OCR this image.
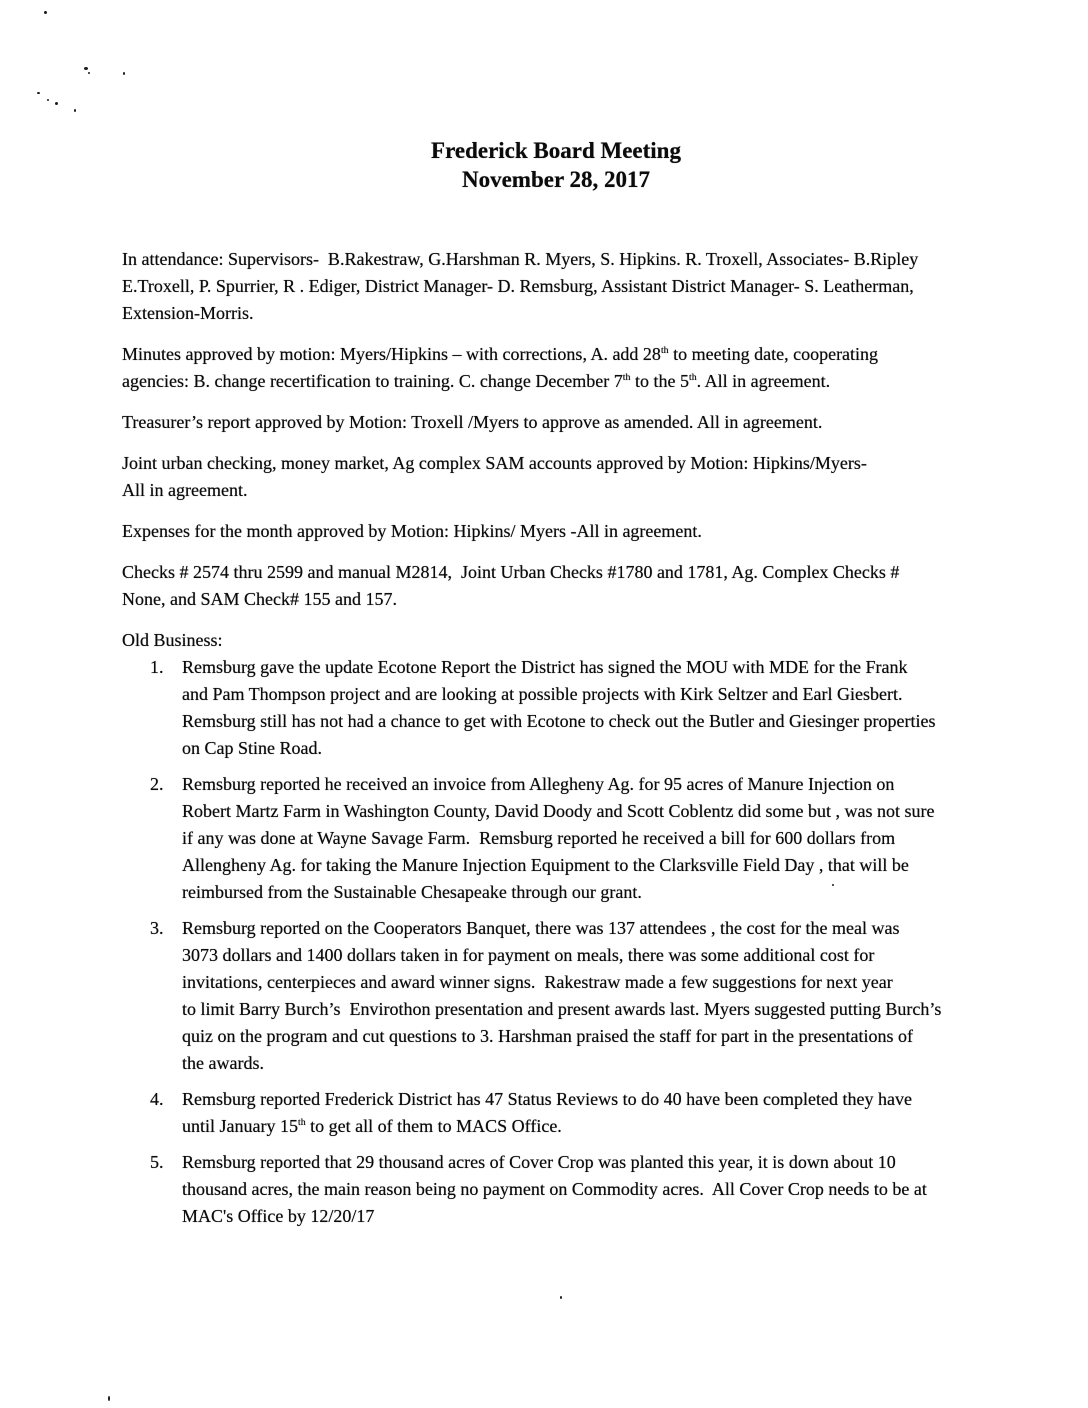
Frederick Board Meeting
November 28, 2017
In attendance: Supervisors-  B.Rakestraw, G.Harshman R. Myers, S. Hipkins. R. Troxell, Associates- B.Ripley
E.Troxell, P. Spurrier, R . Ediger, District Manager- D. Remsburg, Assistant District Manager- S. Leatherman,
Extension-Morris.
Minutes approved by motion: Myers/Hipkins – with corrections, A. add 28th to meeting date, cooperating
agencies: B. change recertification to training. C. change December 7th to the 5th. All in agreement.
Treasurer’s report approved by Motion: Troxell /Myers to approve as amended. All in agreement.
Joint urban checking, money market, Ag complex SAM accounts approved by Motion: Hipkins/Myers-
All in agreement.
Expenses for the month approved by Motion: Hipkins/ Myers -All in agreement.
Checks # 2574 thru 2599 and manual M2814,  Joint Urban Checks #1780 and 1781, Ag. Complex Checks #
None, and SAM Check# 155 and 157.
Old Business:
1. Remsburg gave the update Ecotone Report the District has signed the MOU with MDE for the Frank
and Pam Thompson project and are looking at possible projects with Kirk Seltzer and Earl Giesbert.
Remsburg still has not had a chance to get with Ecotone to check out the Butler and Giesinger properties
on Cap Stine Road.
2. Remsburg reported he received an invoice from Allegheny Ag. for 95 acres of Manure Injection on
Robert Martz Farm in Washington County, David Doody and Scott Coblentz did some but , was not sure
if any was done at Wayne Savage Farm.  Remsburg reported he received a bill for 600 dollars from
Allengheny Ag. for taking the Manure Injection Equipment to the Clarksville Field Day , that will be
reimbursed from the Sustainable Chesapeake through our grant.
3. Remsburg reported on the Cooperators Banquet, there was 137 attendees , the cost for the meal was
3073 dollars and 1400 dollars taken in for payment on meals, there was some additional cost for
invitations, centerpieces and award winner signs.  Rakestraw made a few suggestions for next year
to limit Barry Burch’s  Envirothon presentation and present awards last. Myers suggested putting Burch’s
quiz on the program and cut questions to 3. Harshman praised the staff for part in the presentations of
the awards.
4. Remsburg reported Frederick District has 47 Status Reviews to do 40 have been completed they have
until January 15th to get all of them to MACS Office.
5. Remsburg reported that 29 thousand acres of Cover Crop was planted this year, it is down about 10
thousand acres, the main reason being no payment on Commodity acres.  All Cover Crop needs to be at
MAC's Office by 12/20/17
